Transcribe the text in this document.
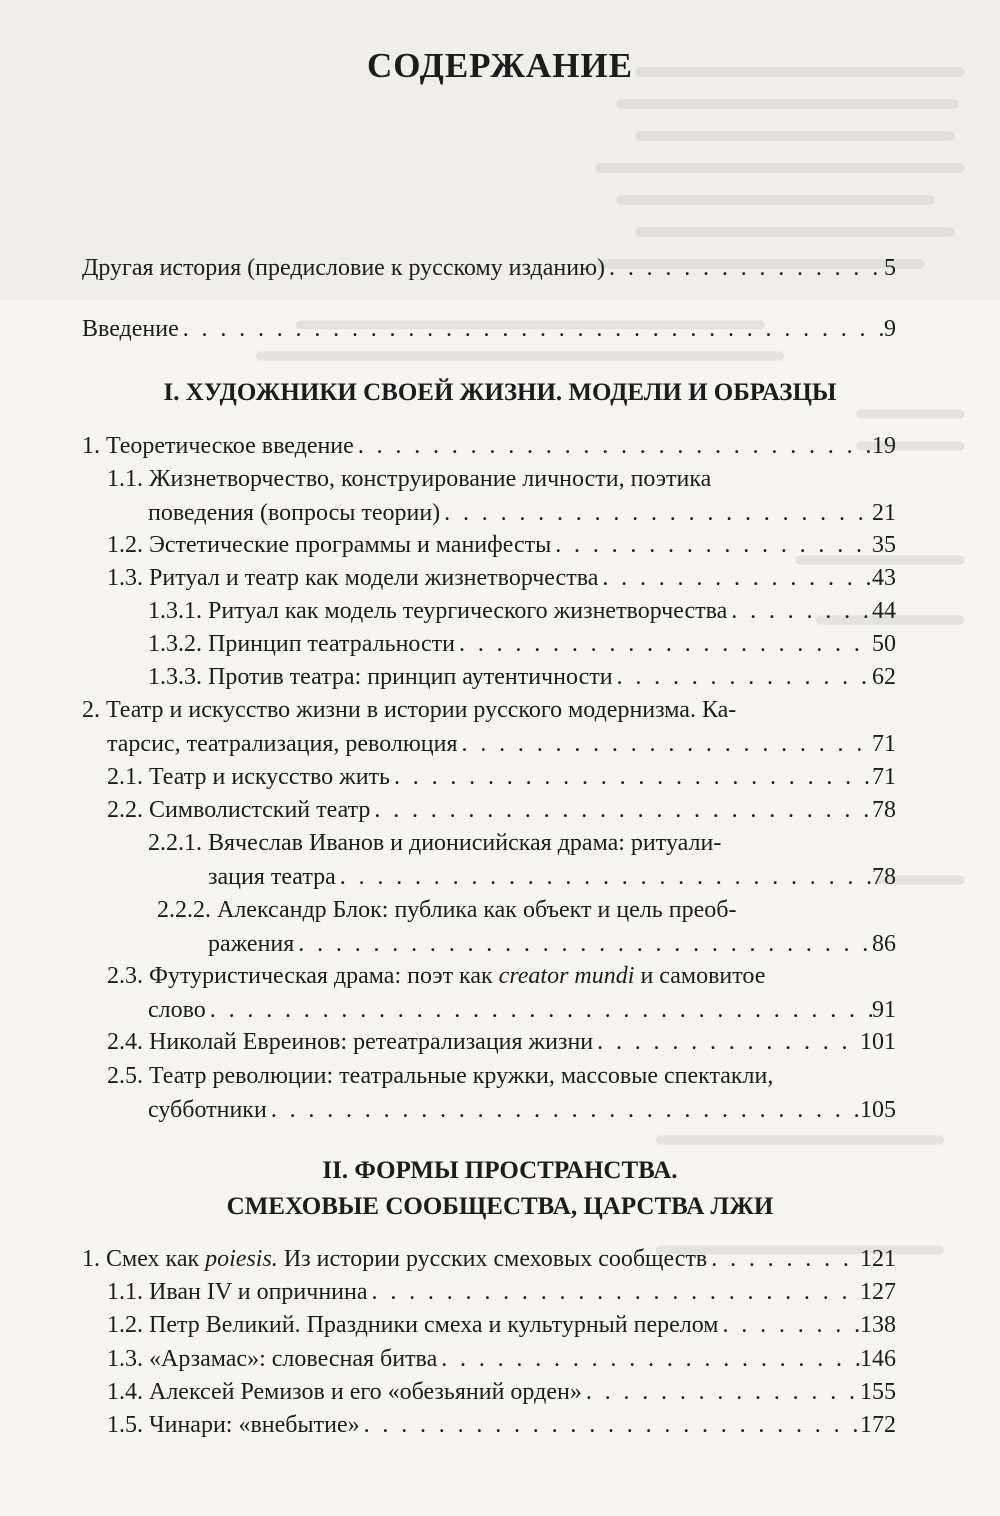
СОДЕРЖАНИЕ
Другая история (предисловие к русскому изданию) . . .	5
Введение . . .	9
I. ХУДОЖНИКИ СВОЕЙ ЖИЗНИ. МОДЕЛИ И ОБРАЗЦЫ
1. Теоретическое введение . . .	19
1.1. Жизнетворчество, конструирование личности, поэтика
поведения (вопросы теории) . . .	21
1.2. Эстетические программы и манифесты . . .	35
1.3. Ритуал и театр как модели жизнетворчества . . .	43
1.3.1. Ритуал как модель теургического жизнетворчества . . .	44
1.3.2. Принцип театральности . . .	50
1.3.3. Против театра: принцип аутентичности . . .	62
2. Театр и искусство жизни в истории русского модернизма. Ка-
тарсис, театрализация, революция . . .	71
2.1. Театр и искусство жить . . .	71
2.2. Символистский театр . . .	78
2.2.1. Вячеслав Иванов и дионисийская драма: ритуали-
зация театра . . .	78
2.2.2. Александр Блок: публика как объект и цель преоб-
ражения . . .	86
2.3. Футуристическая драма: поэт как creator mundi и самовитое
слово . . .	91
2.4. Николай Евреинов: ретеатрализация жизни . . .	101
2.5. Театр революции: театральные кружки, массовые спектакли,
субботники . . .	105
II. ФОРМЫ ПРОСТРАНСТВА.
СМЕХОВЫЕ СООБЩЕСТВА, ЦАРСТВА ЛЖИ
1. Смех как poiesis. Из истории русских смеховых сообществ . . .	121
1.1. Иван IV и опричнина . . .	127
1.2. Петр Великий. Праздники смеха и культурный перелом . . .	138
1.3. «Арзамас»: словесная битва . . .	146
1.4. Алексей Ремизов и его «обезьяний орден» . . .	155
1.5. Чинари: «внебытие» . . .	172
